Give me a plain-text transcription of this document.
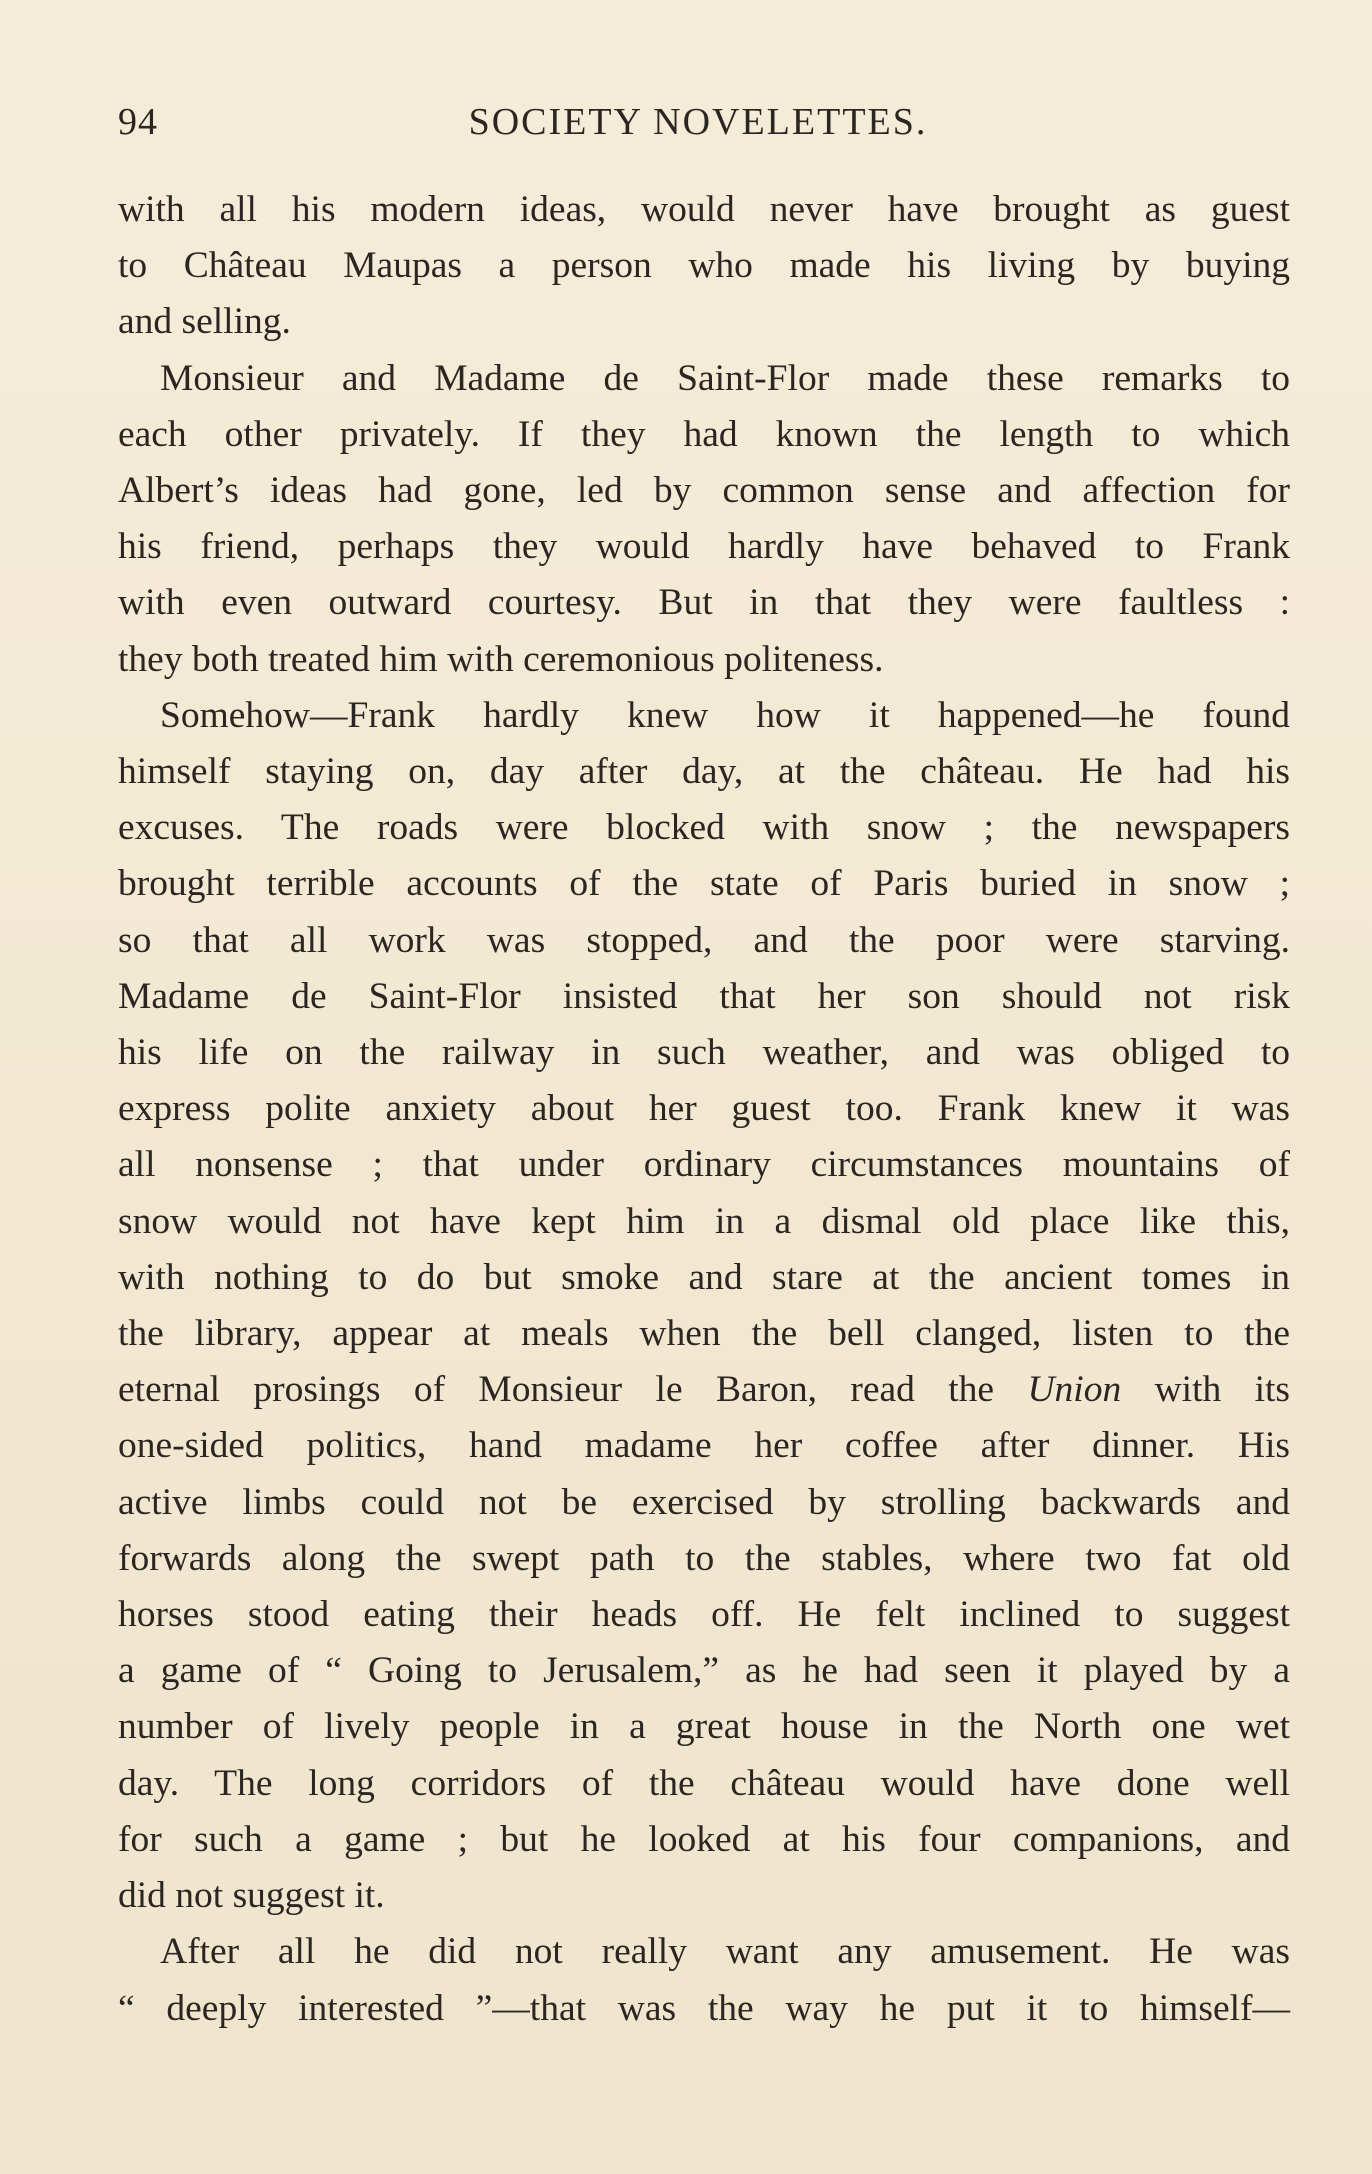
94	SOCIETY NOVELETTES.
with all his modern ideas, would never have brought as guest
to Château Maupas a person who made his living by buying
and selling.
Monsieur and Madame de Saint-Flor made these remarks to
each other privately. If they had known the length to which
Albert’s ideas had gone, led by common sense and affection for
his friend, perhaps they would hardly have behaved to Frank
with even outward courtesy. But in that they were faultless :
they both treated him with ceremonious politeness.
Somehow—Frank hardly knew how it happened—he found
himself staying on, day after day, at the château. He had his
excuses. The roads were blocked with snow ; the newspapers
brought terrible accounts of the state of Paris buried in snow ;
so that all work was stopped, and the poor were starving.
Madame de Saint-Flor insisted that her son should not risk
his life on the railway in such weather, and was obliged to
express polite anxiety about her guest too. Frank knew it was
all nonsense ; that under ordinary circumstances mountains of
snow would not have kept him in a dismal old place like this,
with nothing to do but smoke and stare at the ancient tomes in
the library, appear at meals when the bell clanged, listen to the
eternal prosings of Monsieur le Baron, read the Union with its
one-sided politics, hand madame her coffee after dinner. His
active limbs could not be exercised by strolling backwards and
forwards along the swept path to the stables, where two fat old
horses stood eating their heads off. He felt inclined to suggest
a game of “ Going to Jerusalem,” as he had seen it played by a
number of lively people in a great house in the North one wet
day. The long corridors of the château would have done well
for such a game ; but he looked at his four companions, and
did not suggest it.
After all he did not really want any amusement. He was
“ deeply interested ”—that was the way he put it to himself—
